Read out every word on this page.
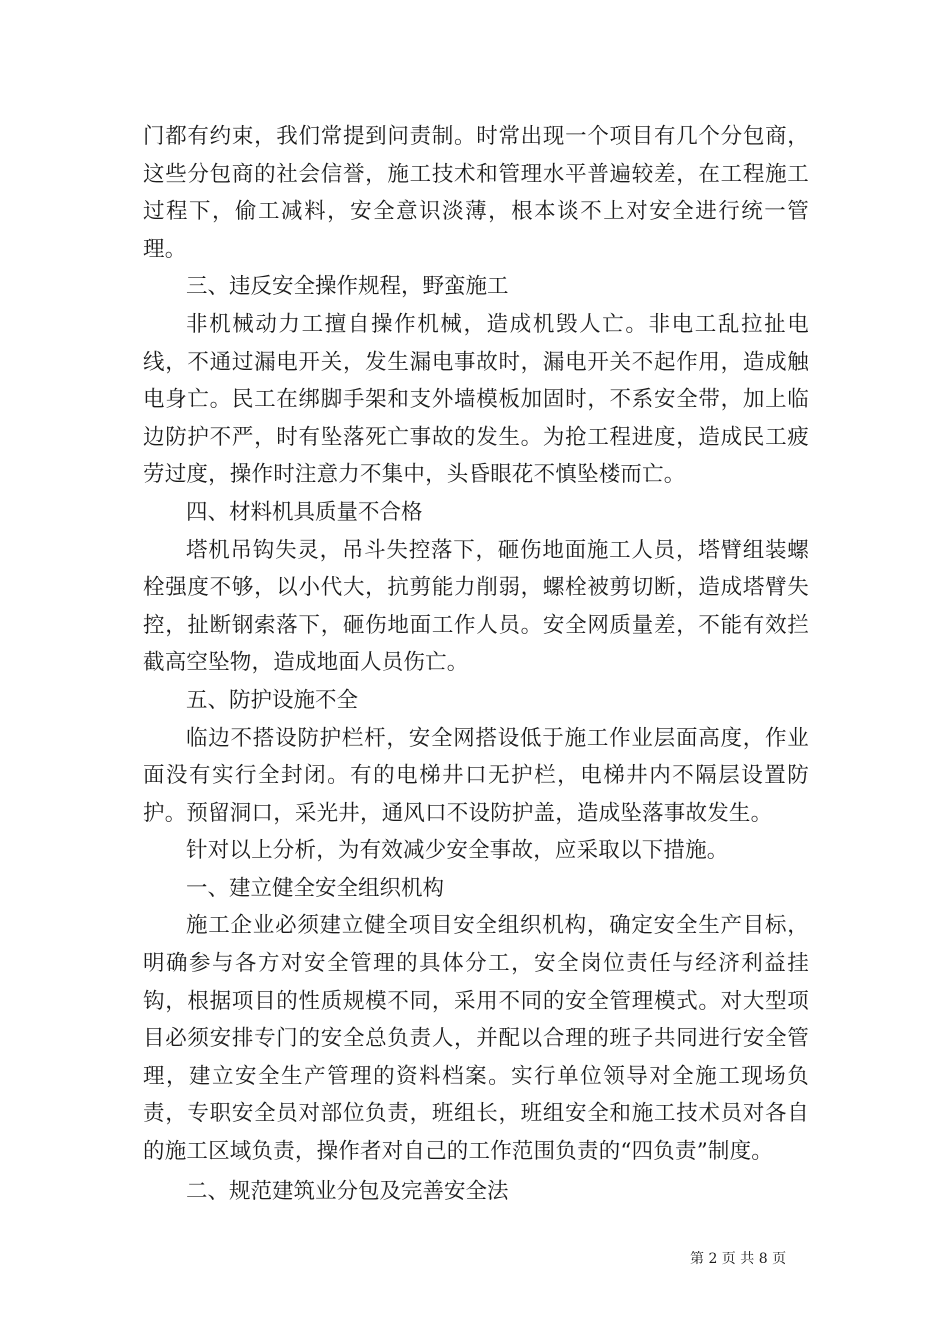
门都有约束，我们常提到问责制。时常出现一个项目有几个分包商，这些分包商的社会信誉，施工技术和管理水平普遍较差，在工程施工过程下，偷工减料，安全意识淡薄，根本谈不上对安全进行统一管理。

三、违反安全操作规程，野蛮施工

非机械动力工擅自操作机械，造成机毁人亡。非电工乱拉扯电线，不通过漏电开关，发生漏电事故时，漏电开关不起作用，造成触电身亡。民工在绑脚手架和支外墙模板加固时，不系安全带，加上临边防护不严，时有坠落死亡事故的发生。为抢工程进度，造成民工疲劳过度，操作时注意力不集中，头昏眼花不慎坠楼而亡。

四、材料机具质量不合格

塔机吊钩失灵，吊斗失控落下，砸伤地面施工人员，塔臂组装螺栓强度不够，以小代大，抗剪能力削弱，螺栓被剪切断，造成塔臂失控，扯断钢索落下，砸伤地面工作人员。安全网质量差，不能有效拦截高空坠物，造成地面人员伤亡。

五、防护设施不全

临边不搭设防护栏杆，安全网搭设低于施工作业层面高度，作业面没有实行全封闭。有的电梯井口无护栏，电梯井内不隔层设置防护。预留洞口，采光井，通风口不设防护盖，造成坠落事故发生。

针对以上分析，为有效减少安全事故，应采取以下措施。

一、建立健全安全组织机构

施工企业必须建立健全项目安全组织机构，确定安全生产目标，明确参与各方对安全管理的具体分工，安全岗位责任与经济利益挂钩，根据项目的性质规模不同，采用不同的安全管理模式。对大型项目必须安排专门的安全总负责人，并配以合理的班子共同进行安全管理，建立安全生产管理的资料档案。实行单位领导对全施工现场负责，专职安全员对部位负责，班组长，班组安全和施工技术员对各自的施工区域负责，操作者对自己的工作范围负责的“四负责”制度。

二、规范建筑业分包及完善安全法

第 2 页 共 8 页
